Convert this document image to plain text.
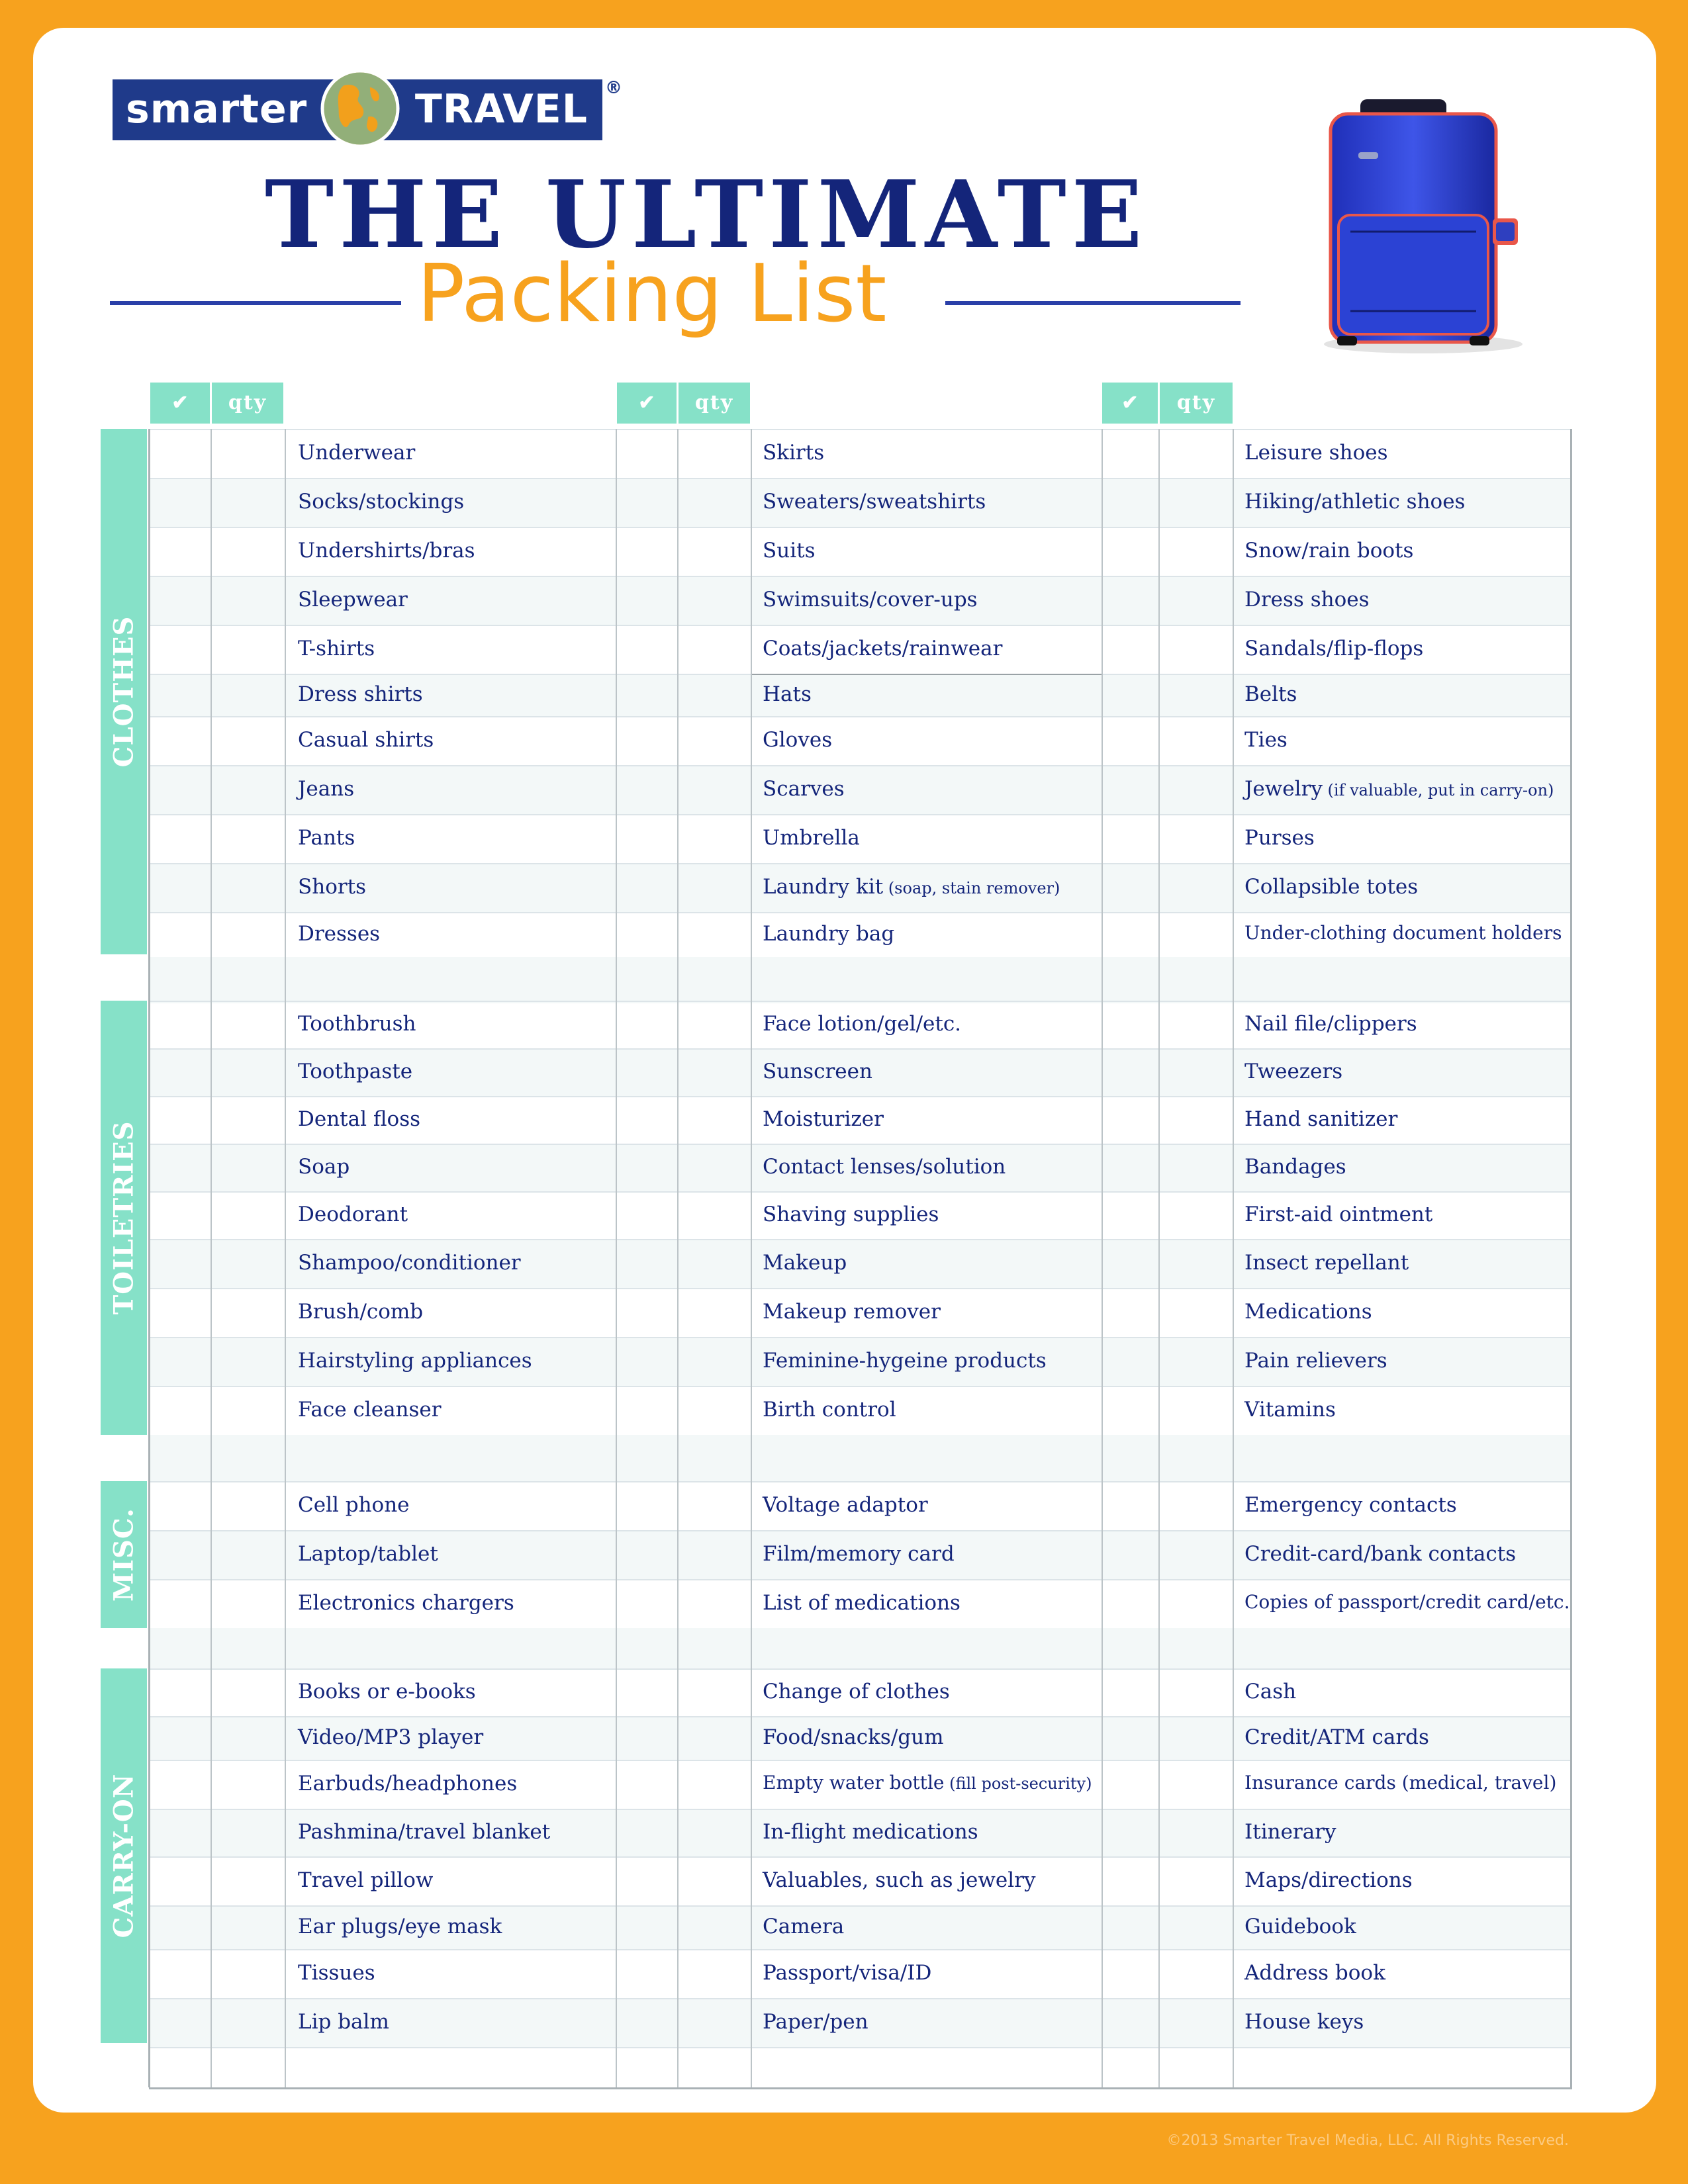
smarter	TRAVEL ®
THE ULTIMATE
Packing List
✔	qty	✔	qty	✔	qty
CLOTHES
TOILETRIES
MISC.
CARRY-ON
Underwear	Skirts	Leisure shoes
Socks/stockings	Sweaters/sweatshirts	Hiking/athletic shoes
Undershirts/bras	Suits	Snow/rain boots
Sleepwear	Swimsuits/cover-ups	Dress shoes
T-shirts	Coats/jackets/rainwear	Sandals/flip-flops
Dress shirts	Hats	Belts
Casual shirts	Gloves	Ties
Jeans	Scarves	Jewelry (if valuable, put in carry-on)
Pants	Umbrella	Purses
Shorts	Laundry kit (soap, stain remover)	Collapsible totes
Dresses	Laundry bag	Under-clothing document holders
Toothbrush	Face lotion/gel/etc.	Nail file/clippers
Toothpaste	Sunscreen	Tweezers
Dental floss	Moisturizer	Hand sanitizer
Soap	Contact lenses/solution	Bandages
Deodorant	Shaving supplies	First-aid ointment
Shampoo/conditioner	Makeup	Insect repellant
Brush/comb	Makeup remover	Medications
Hairstyling appliances	Feminine-hygeine products	Pain relievers
Face cleanser	Birth control	Vitamins
Cell phone	Voltage adaptor	Emergency contacts
Laptop/tablet	Film/memory card	Credit-card/bank contacts
Electronics chargers	List of medications	Copies of passport/credit card/etc.
Books or e-books	Change of clothes	Cash
Video/MP3 player	Food/snacks/gum	Credit/ATM cards
Earbuds/headphones	Empty water bottle (fill post-security)	Insurance cards (medical, travel)
Pashmina/travel blanket	In-flight medications	Itinerary
Travel pillow	Valuables, such as jewelry	Maps/directions
Ear plugs/eye mask	Camera	Guidebook
Tissues	Passport/visa/ID	Address book
Lip balm	Paper/pen	House keys
©2013 Smarter Travel Media, LLC. All Rights Reserved.
